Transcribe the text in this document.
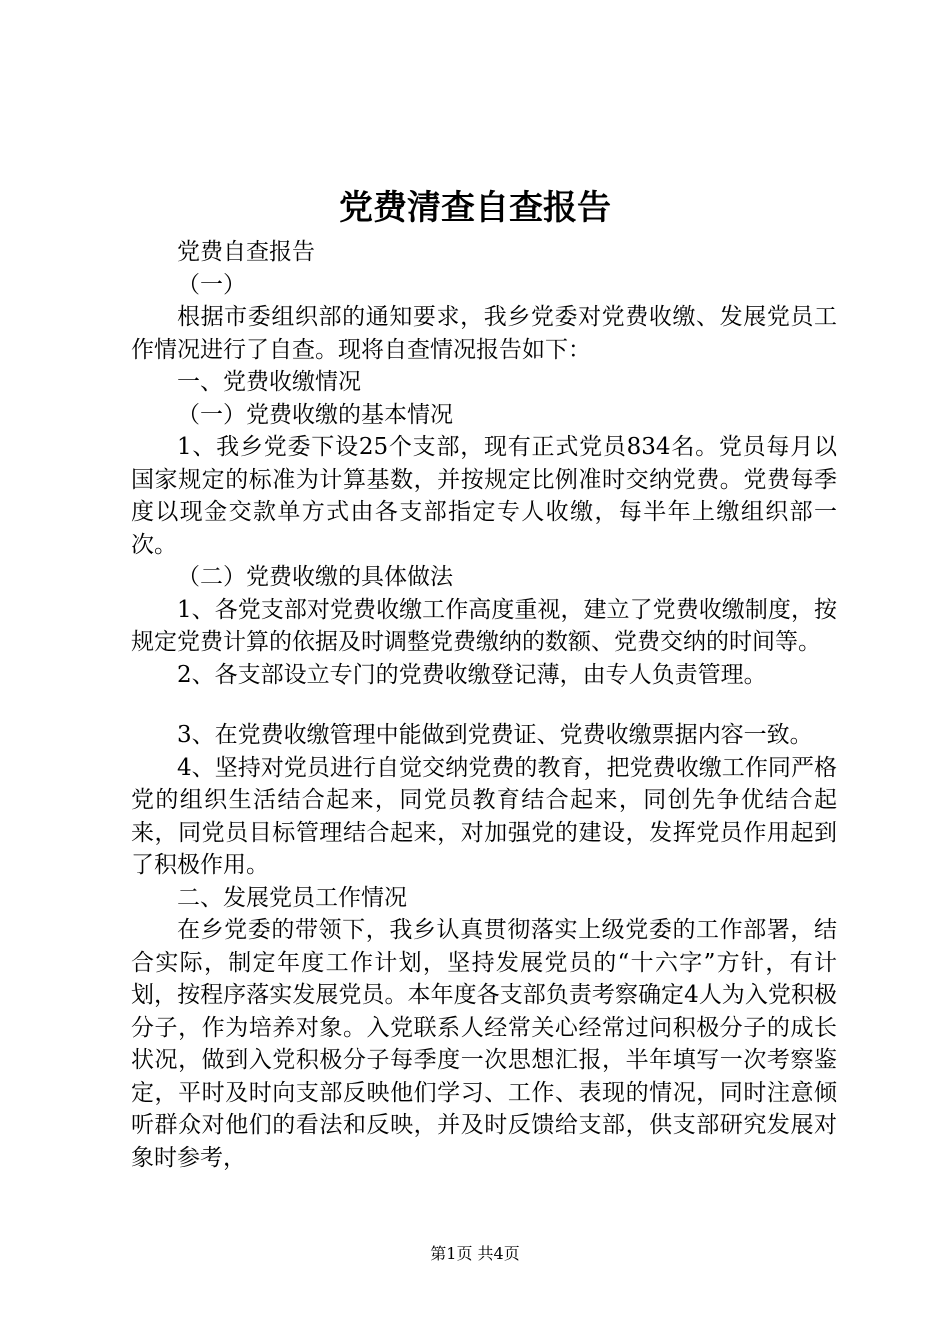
党费清查自查报告

党费自查报告

（一）

根据市委组织部的通知要求，我乡党委对党费收缴、发展党员工作情况进行了自查。现将自查情况报告如下：

一、党费收缴情况

（一）党费收缴的基本情况

1、我乡党委下设25个支部，现有正式党员834名。党员每月以国家规定的标准为计算基数，并按规定比例准时交纳党费。党费每季度以现金交款单方式由各支部指定专人收缴，每半年上缴组织部一次。

（二）党费收缴的具体做法

1、各党支部对党费收缴工作高度重视，建立了党费收缴制度，按规定党费计算的依据及时调整党费缴纳的数额、党费交纳的时间等。

2、各支部设立专门的党费收缴登记薄，由专人负责管理。

3、在党费收缴管理中能做到党费证、党费收缴票据内容一致。

4、坚持对党员进行自觉交纳党费的教育，把党费收缴工作同严格党的组织生活结合起来，同党员教育结合起来，同创先争优结合起来，同党员目标管理结合起来，对加强党的建设，发挥党员作用起到了积极作用。

二、发展党员工作情况

在乡党委的带领下，我乡认真贯彻落实上级党委的工作部署，结合实际，制定年度工作计划，坚持发展党员的“十六字”方针，有计划，按程序落实发展党员。本年度各支部负责考察确定4人为入党积极分子，作为培养对象。入党联系人经常关心经常过问积极分子的成长状况，做到入党积极分子每季度一次思想汇报，半年填写一次考察鉴定，平时及时向支部反映他们学习、工作、表现的情况，同时注意倾听群众对他们的看法和反映，并及时反馈给支部，供支部研究发展对象时参考，

第1页 共4页
